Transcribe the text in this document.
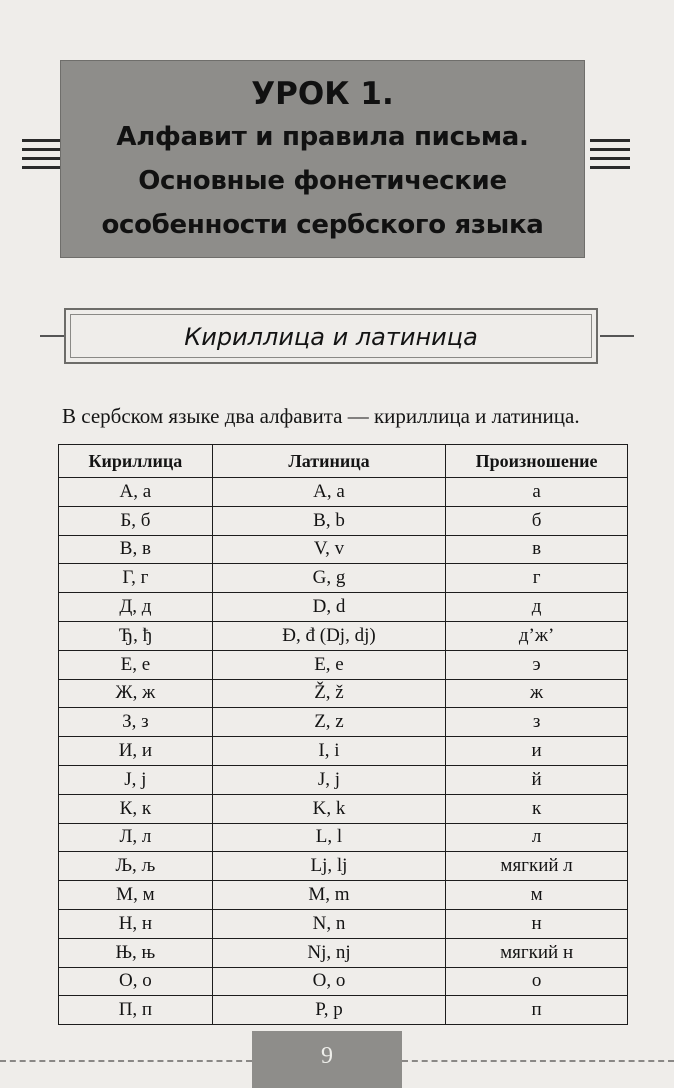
УРОК 1.
Алфавит и правила письма.
Основные фонетические
особенности сербского языка
Кириллица и латиница
В сербском языке два алфавита — кириллица и латиница.
Кириллица	Латиница	Произношение
А, а	A, a	а
Б, б	B, b	б
В, в	V, v	в
Г, г	G, g	г
Д, д	D, d	д
Ђ, ђ	Đ, đ (Dj, dj)	д’ж’
Е, е	E, e	э
Ж, ж	Ž, ž	ж
З, з	Z, z	з
И, и	I, i	и
Ј, ј	J, j	й
К, к	K, k	к
Л, л	L, l	л
Љ, љ	Lj, lj	мягкий л
М, м	M, m	м
Н, н	N, n	н
Њ, њ	Nj, nj	мягкий н
О, о	O, o	о
П, п	P, p	п
9
